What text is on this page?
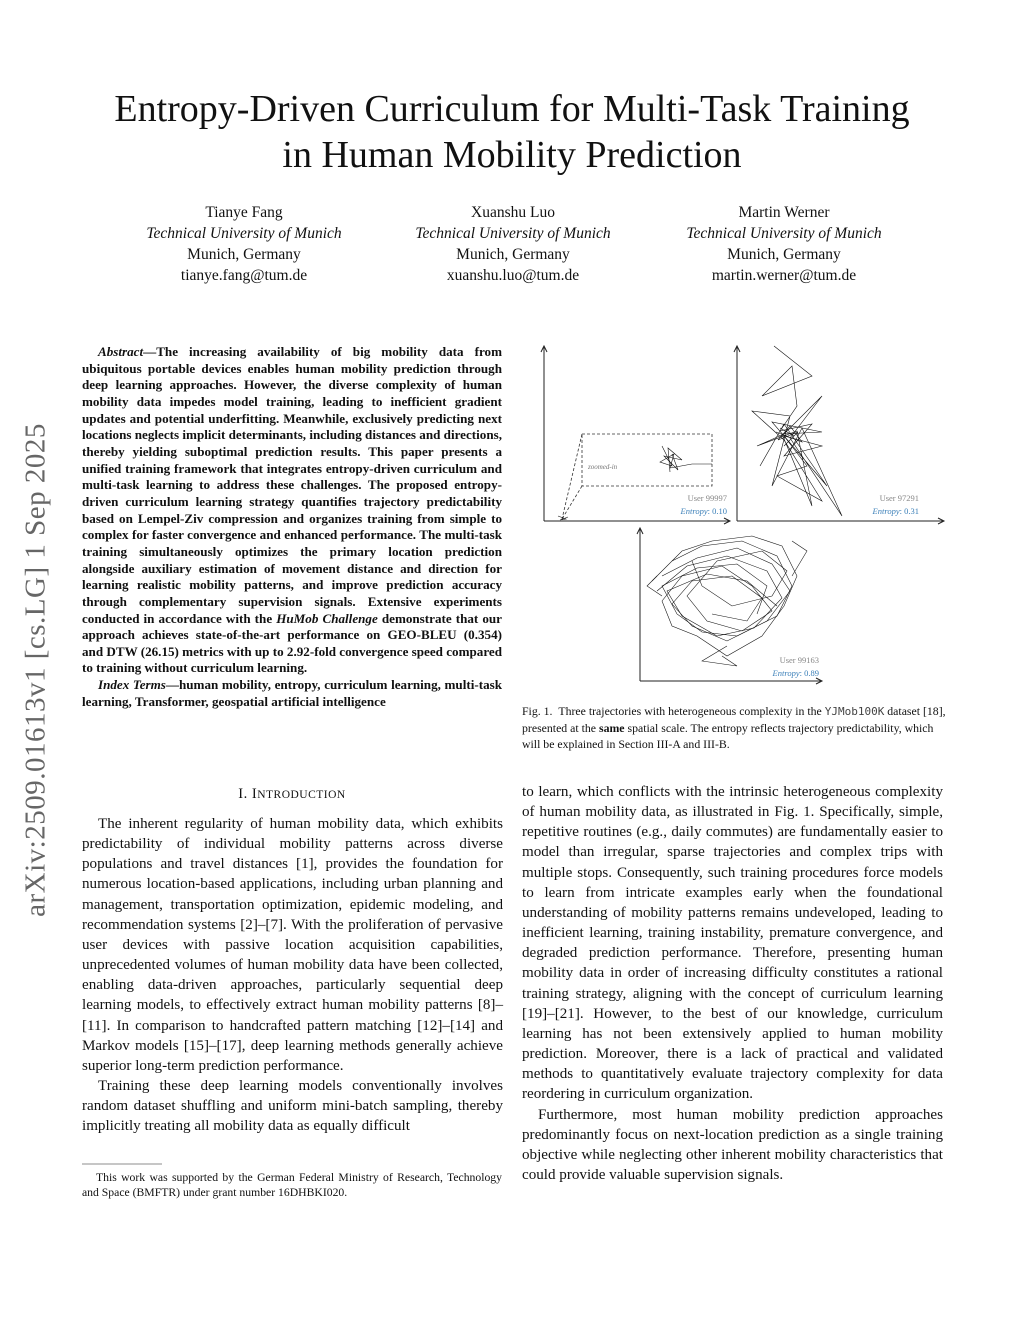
Entropy-Driven Curriculum for Multi-Task Training
in Human Mobility Prediction
Tianye Fang
Technical University of Munich
Munich, Germany
tianye.fang@tum.de
Xuanshu Luo
Technical University of Munich
Munich, Germany
xuanshu.luo@tum.de
Martin Werner
Technical University of Munich
Munich, Germany
martin.werner@tum.de
arXiv:2509.01613v1 [cs.LG] 1 Sep 2025

Abstract—The increasing availability of big mobility data from ubiquitous portable devices enables human mobility prediction through deep learning approaches. However, the diverse complexity of human mobility data impedes model training, leading to inefficient gradient updates and potential underfitting. Meanwhile, exclusively predicting next locations neglects implicit determinants, including distances and directions, thereby yielding suboptimal prediction results. This paper presents a unified training framework that integrates entropy-driven curriculum and multi-task learning to address these challenges. The proposed entropy-driven curriculum learning strategy quantifies trajectory predictability based on Lempel-Ziv compression and organizes training from simple to complex for faster convergence and enhanced performance. The multi-task training simultaneously optimizes the primary location prediction alongside auxiliary estimation of movement distance and direction for learning realistic mobility patterns, and improve prediction accuracy through complementary supervision signals. Extensive experiments conducted in accordance with the HuMob Challenge demonstrate that our approach achieves state-of-the-art performance on GEO-BLEU (0.354) and DTW (26.15) metrics with up to 2.92-fold convergence speed compared to training without curriculum learning.

Index Terms—human mobility, entropy, curriculum learning, multi-task learning, Transformer, geospatial artificial intelligence

I. INTRODUCTION

The inherent regularity of human mobility data, which exhibits predictability of individual mobility patterns across diverse populations and travel distances [1], provides the foundation for numerous location-based applications, including urban planning and management, transportation optimization, epidemic modeling, and recommendation systems [2]–[7]. With the proliferation of pervasive user devices with passive location acquisition capabilities, unprecedented volumes of human mobility data have been collected, enabling data-driven approaches, particularly sequential deep learning models, to effectively extract human mobility patterns [8]–[11]. In comparison to handcrafted pattern matching [12]–[14] and Markov models [15]–[17], deep learning methods generally achieve superior long-term prediction performance.

Training these deep learning models conventionally involves random dataset shuffling and uniform mini-batch sampling, thereby implicitly treating all mobility data as equally difficult

This work was supported by the German Federal Ministry of Research, Technology and Space (BMFTR) under grant number 16DHBKI020.

to learn, which conflicts with the intrinsic heterogeneous complexity of human mobility data, as illustrated in Fig. 1. Specifically, simple, repetitive routines (e.g., daily commutes) are fundamentally easier to model than irregular, sparse trajectories and complex trips with multiple stops. Consequently, such training procedures force models to learn from intricate examples early when the foundational understanding of mobility patterns remains undeveloped, leading to inefficient learning, training instability, premature convergence, and degraded prediction performance. Therefore, presenting human mobility data in order of increasing difficulty constitutes a rational training strategy, aligning with the concept of curriculum learning [19]–[21]. However, to the best of our knowledge, curriculum learning has not been extensively applied to human mobility prediction. Moreover, there is a lack of practical and validated methods to quantitatively evaluate trajectory complexity for data reordering in curriculum organization.

Furthermore, most human mobility prediction approaches predominantly focus on next-location prediction as a single training objective while neglecting other inherent mobility characteristics that could provide valuable supervision signals.

zoomed-in
User 99997
Entropy: 0.10
User 97291
Entropy: 0.31
User 99163
Entropy: 0.89
Fig. 1. Three trajectories with heterogeneous complexity in the YJMob100K dataset [18], presented at the same spatial scale. The entropy reflects trajectory predictability, which will be explained in Section III-A and III-B.
